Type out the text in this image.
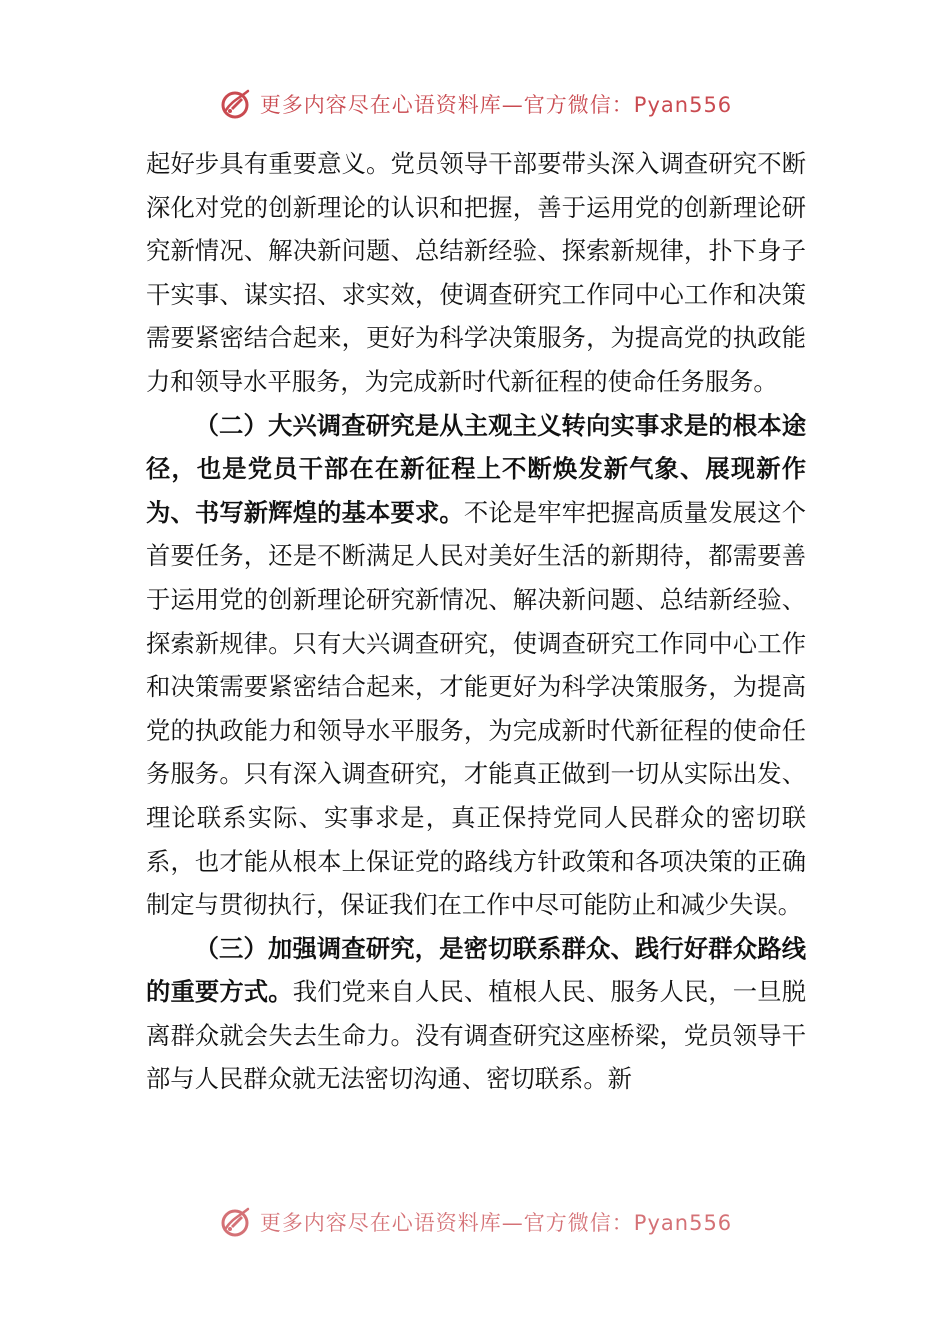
更多内容尽在心语资料库—官方微信：Pyan556

起好步具有重要意义。党员领导干部要带头深入调查研究不断深化对党的创新理论的认识和把握，善于运用党的创新理论研究新情况、解决新问题、总结新经验、探索新规律，扑下身子干实事、谋实招、求实效，使调查研究工作同中心工作和决策需要紧密结合起来，更好为科学决策服务，为提高党的执政能力和领导水平服务，为完成新时代新征程的使命任务服务。

（二）大兴调查研究是从主观主义转向实事求是的根本途径，也是党员干部在在新征程上不断焕发新气象、展现新作为、书写新辉煌的基本要求。不论是牢牢把握高质量发展这个首要任务，还是不断满足人民对美好生活的新期待，都需要善于运用党的创新理论研究新情况、解决新问题、总结新经验、探索新规律。只有大兴调查研究，使调查研究工作同中心工作和决策需要紧密结合起来，才能更好为科学决策服务，为提高党的执政能力和领导水平服务，为完成新时代新征程的使命任务服务。只有深入调查研究，才能真正做到一切从实际出发、理论联系实际、实事求是，真正保持党同人民群众的密切联系，也才能从根本上保证党的路线方针政策和各项决策的正确制定与贯彻执行，保证我们在工作中尽可能防止和减少失误。

（三）加强调查研究，是密切联系群众、践行好群众路线的重要方式。我们党来自人民、植根人民、服务人民，一旦脱离群众就会失去生命力。没有调查研究这座桥梁，党员领导干部与人民群众就无法密切沟通、密切联系。新

更多内容尽在心语资料库—官方微信：Pyan556
